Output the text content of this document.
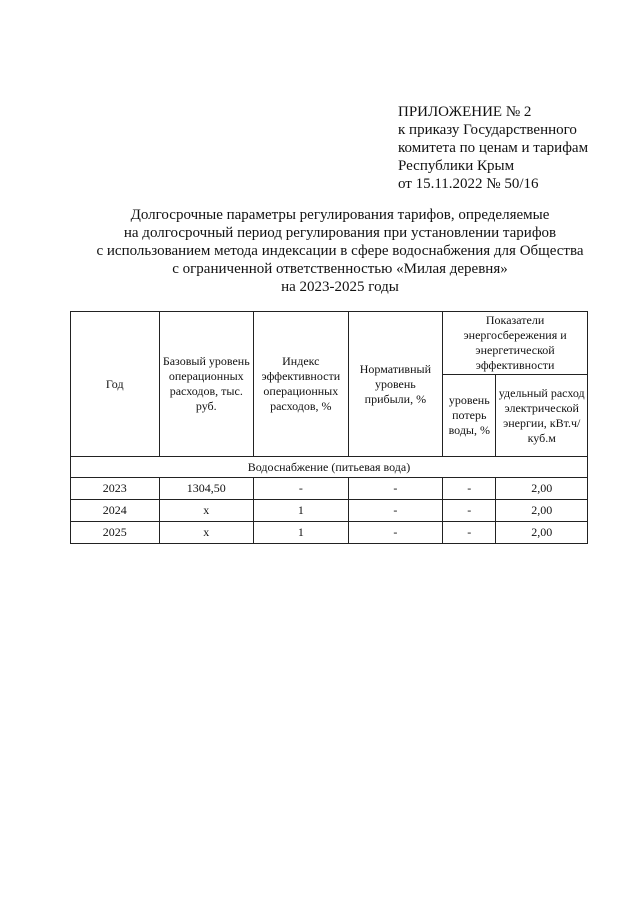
ПРИЛОЖЕНИЕ № 2
к приказу Государственного
комитета по ценам и тарифам
Республики Крым
от 15.11.2022 № 50/16
Долгосрочные параметры регулирования тарифов, определяемые
на долгосрочный период регулирования при установлении тарифов
с использованием метода индексации в сфере водоснабжения для Общества
с ограниченной ответственностью «Милая деревня»
на 2023-2025 годы
Год	Базовый уровень операционных расходов, тыс. руб.	Индекс эффективности операционных расходов, %	Нормативный уровень прибыли, %	Показатели энергосбережения и энергетической эффективности	
				уровень потерь воды, %	удельный расход электрической энергии, кВт.ч/куб.м
Водоснабжение (питьевая вода)					
2023	1304,50	-	-	-	2,00
2024	x	1	-	-	2,00
2025	x	1	-	-	2,00
